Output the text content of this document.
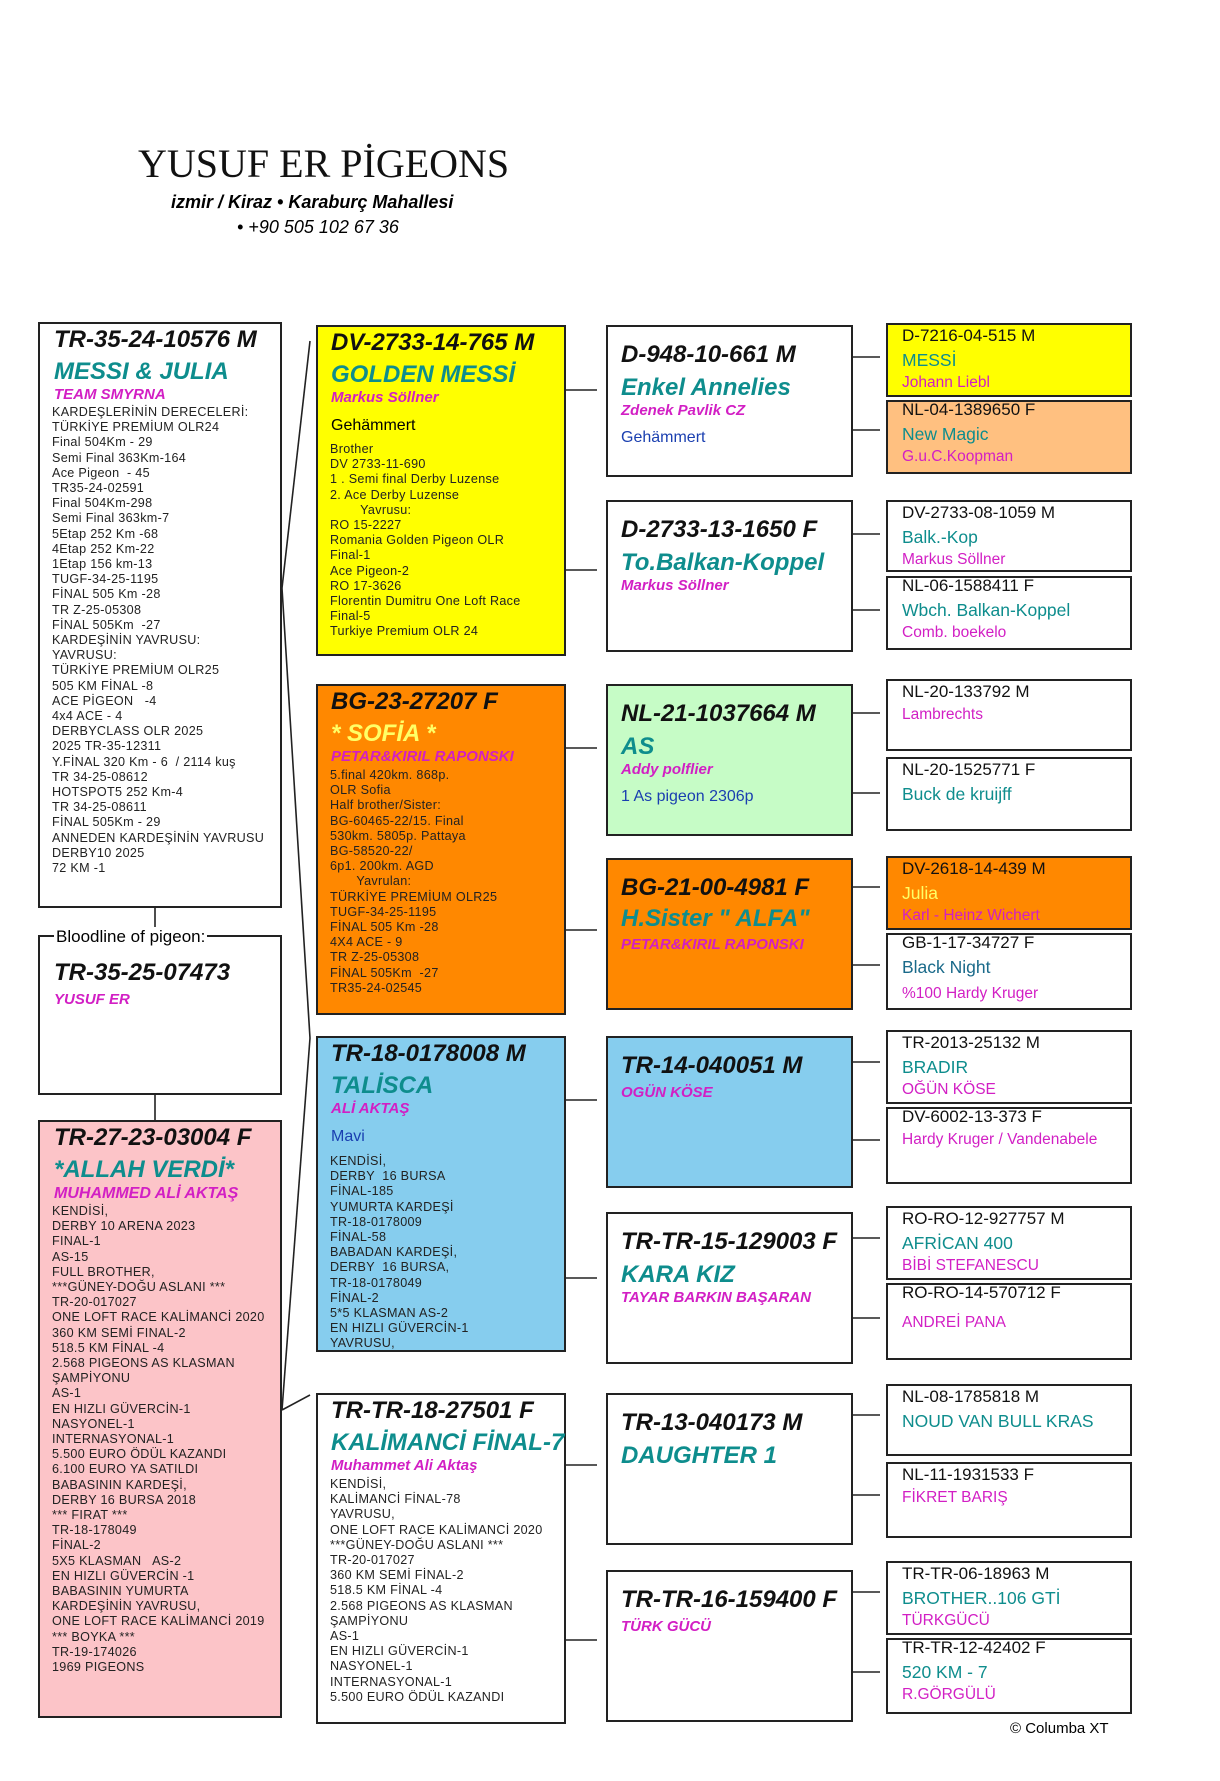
YUSUF ER PİGEONS
izmir / Kiraz • Karaburç Mahallesi
• +90 505 102 67 36
TR-35-24-10576 M
MESSI & JULIA
TEAM SMYRNA
KARDEŞLERİNİN DERECELERİ:
TÜRKİYE PREMİUM OLR24
Final 504Km - 29
Semi Final 363Km-164
Ace Pigeon  - 45
TR35-24-02591
Final 504Km-298
Semi Final 363km-7
5Etap 252 Km -68
4Etap 252 Km-22
1Etap 156 km-13
TUGF-34-25-1195
FİNAL 505 Km -28
TR Z-25-05308
FİNAL 505Km  -27
KARDEŞİNİN YAVRUSU:
YAVRUSU:
TÜRKİYE PREMİUM OLR25
505 KM FİNAL -8
ACE PİGEON   -4
4x4 ACE - 4
DERBYCLASS OLR 2025
2025 TR-35-12311
Y.FİNAL 320 Km - 6  / 2114 kuş
TR 34-25-08612
HOTSPOT5 252 Km-4
TR 34-25-08611
FİNAL 505Km - 29
ANNEDEN KARDEŞİNİN YAVRUSU
DERBY10 2025
72 KM -1
Bloodline of pigeon:
TR-35-25-07473
YUSUF ER
TR-27-23-03004 F
*ALLAH VERDİ*
MUHAMMED ALİ AKTAŞ
KENDİSİ,
DERBY 10 ARENA 2023
FINAL-1
AS-15
FULL BROTHER,
***GÜNEY-DOĞU ASLANI ***
TR-20-017027
ONE LOFT RACE KALİMANCİ 2020
360 KM SEMİ FINAL-2
518.5 KM FİNAL -4
2.568 PIGEONS AS KLASMAN
ŞAMPİYONU
AS-1
EN HIZLI GÜVERCİN-1
NASYONEL-1
INTERNASYONAL-1
5.500 EURO ÖDÜL KAZANDI
6.100 EURO YA SATILDI
BABASININ KARDEŞİ,
DERBY 16 BURSA 2018
*** FIRAT ***
TR-18-178049
FİNAL-2
5X5 KLASMAN   AS-2
EN HIZLI GÜVERCİN -1
BABASININ YUMURTA
KARDEŞİNİN YAVRUSU,
ONE LOFT RACE KALİMANCİ 2019
*** BOYKA ***
TR-19-174026
1969 PIGEONS
DV-2733-14-765 M
GOLDEN MESSİ
Markus Söllner
Gehämmert
Brother
DV 2733-11-690
1 . Semi final Derby Luzense
2. Ace Derby Luzense
Yavrusu:
RO 15-2227
Romania Golden Pigeon OLR
Final-1
Ace Pigeon-2
RO 17-3626
Florentin Dumitru One Loft Race
Final-5
Turkiye Premium OLR 24
BG-23-27207 F
* SOFİA *
PETAR&KIRIL RAPONSKI
5.final 420km. 868p.
OLR Sofia
Half brother/Sister:
BG-60465-22/15. Final
530km. 5805p. Pattaya
BG-58520-22/
6p1. 200km. AGD
Yavrulan:
TÜRKİYE PREMİUM OLR25
TUGF-34-25-1195
FİNAL 505 Km -28
4X4 ACE - 9
TR Z-25-05308
FİNAL 505Km  -27
TR35-24-02545
TR-18-0178008 M
TALİSCA
ALİ AKTAŞ
Mavi
KENDİSİ,
DERBY  16 BURSA
FİNAL-185
YUMURTA KARDEŞİ
TR-18-0178009
FİNAL-58
BABADAN KARDEŞİ,
DERBY  16 BURSA,
TR-18-0178049
FİNAL-2
5*5 KLASMAN AS-2
EN HIZLI GÜVERCİN-1
YAVRUSU,
TR-TR-18-27501 F
KALİMANCİ FİNAL-7
Muhammet Ali Aktaş
KENDİSİ,
KALİMANCİ FİNAL-78
YAVRUSU,
ONE LOFT RACE KALİMANCİ 2020
***GÜNEY-DOĞU ASLANI ***
TR-20-017027
360 KM SEMİ FİNAL-2
518.5 KM FİNAL -4
2.568 PIGEONS AS KLASMAN
ŞAMPİYONU
AS-1
EN HIZLI GÜVERCİN-1
NASYONEL-1
INTERNASYONAL-1
5.500 EURO ÖDÜL KAZANDI
D-948-10-661 M
Enkel Annelies
Zdenek Pavlik CZ
Gehämmert
D-2733-13-1650 F
To.Balkan-Koppel
Markus Söllner
NL-21-1037664 M
AS
Addy polflier
1 As pigeon 2306p
BG-21-00-4981 F
H.Sister " ALFA"
PETAR&KIRIL RAPONSKI
TR-14-040051 M
OGÜN KÖSE
TR-TR-15-129003 F
KARA KIZ
TAYAR BARKIN BAŞARAN
TR-13-040173 M
DAUGHTER 1
TR-TR-16-159400 F
TÜRK GÜCÜ
D-7216-04-515 M
MESSİ
Johann Liebl
NL-04-1389650 F
New Magic
G.u.C.Koopman
DV-2733-08-1059 M
Balk.-Kop
Markus Söllner
NL-06-1588411 F
Wbch. Balkan-Koppel
Comb. boekelo
NL-20-133792 M
Lambrechts
NL-20-1525771 F
Buck de kruijff
DV-2618-14-439 M
Julia
Karl - Heinz Wichert
GB-1-17-34727 F
Black Night
%100 Hardy Kruger
TR-2013-25132 M
BRADIR
OĞÜN KÖSE
DV-6002-13-373 F
Hardy Kruger / Vandenabele
RO-RO-12-927757 M
AFRİCAN 400
BİBİ STEFANESCU
RO-RO-14-570712 F
ANDREİ PANA
NL-08-1785818 M
NOUD VAN BULL KRAS
NL-11-1931533 F
FİKRET BARIŞ
TR-TR-06-18963 M
BROTHER..106 GTİ
TÜRKGÜCÜ
TR-TR-12-42402 F
520 KM - 7
R.GÖRGÜLÜ
© Columba XT
